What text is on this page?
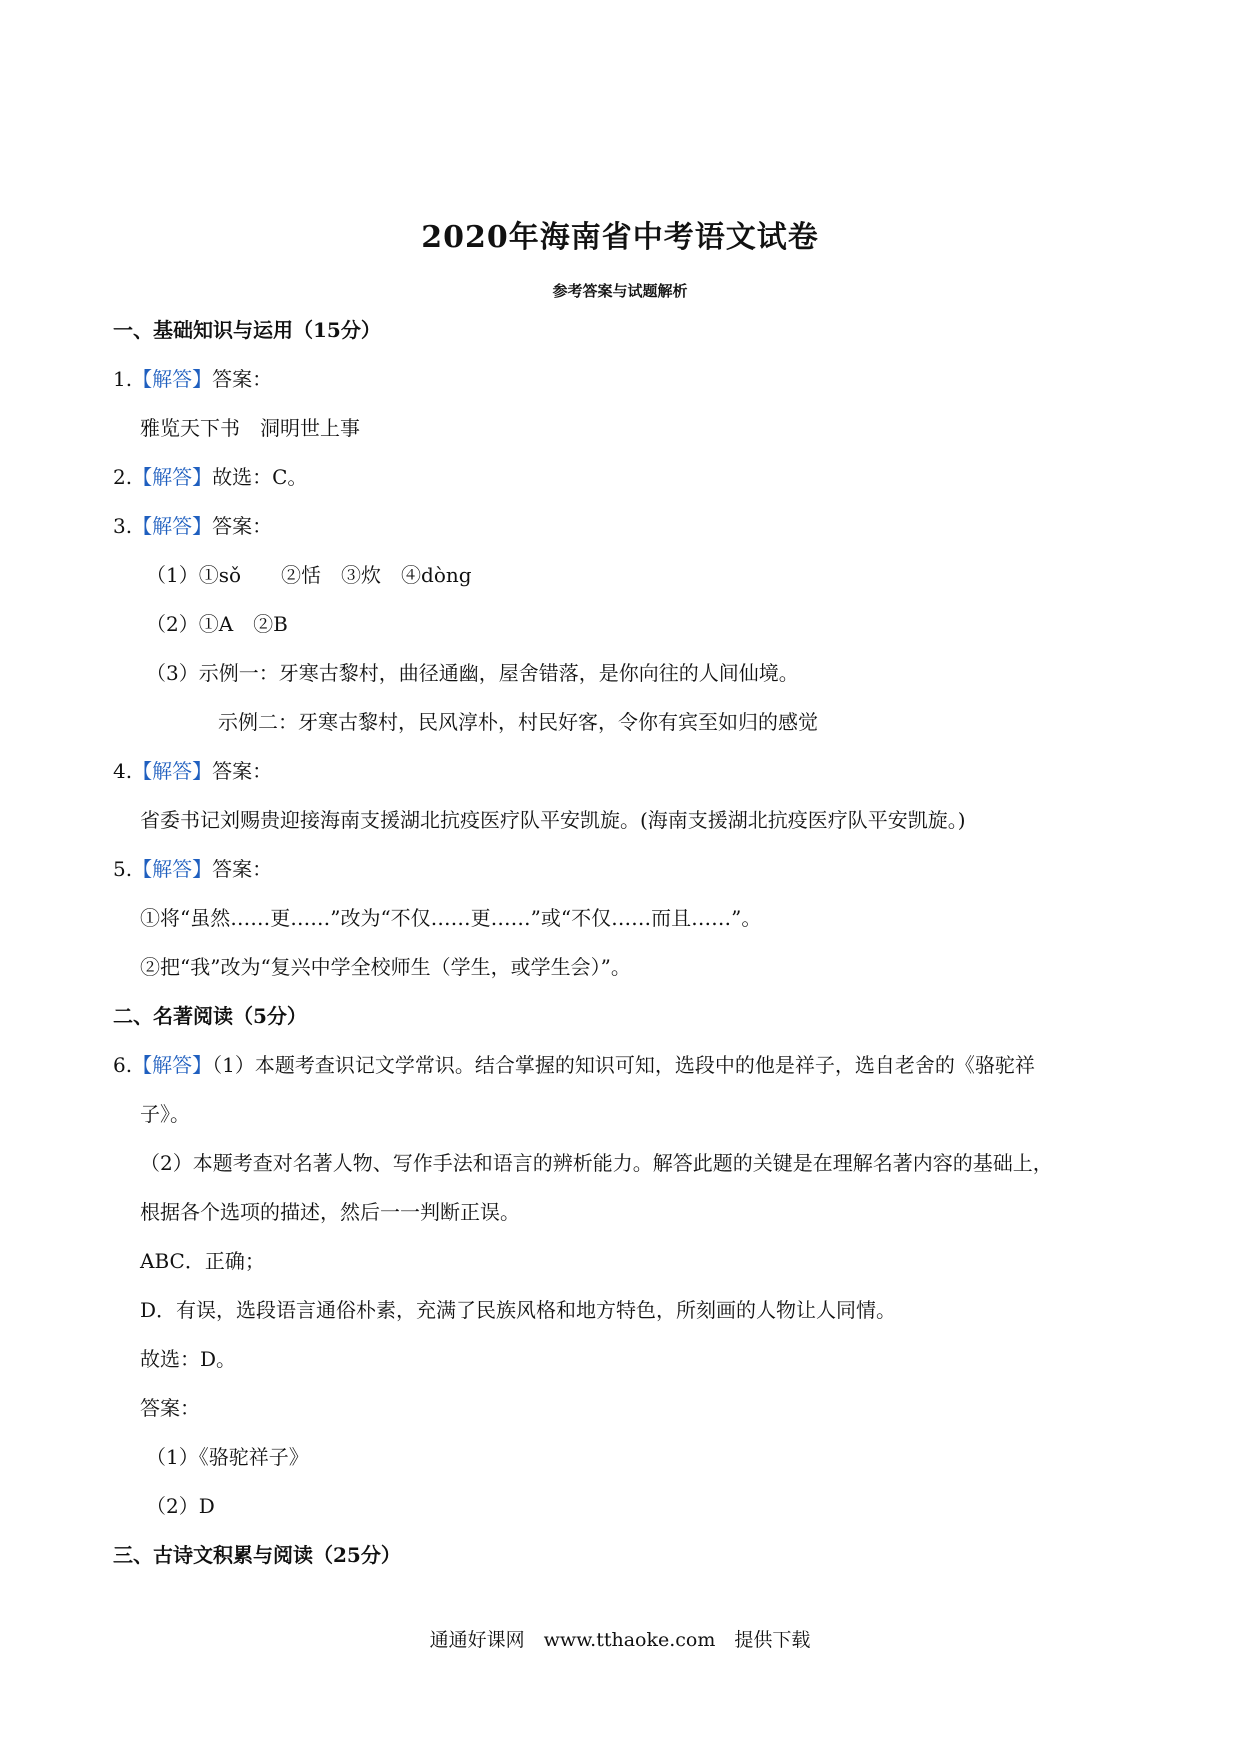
2020年海南省中考语文试卷
参考答案与试题解析
一、基础知识与运用（15分）
1.【解答】答案：
雅览天下书　洞明世上事
2.【解答】故选：C。
3.【解答】答案：
（1）①sǒ　　②恬　③炊　④dòng
（2）①A　②B
（3）示例一：牙寒古黎村，曲径通幽，屋舍错落，是你向往的人间仙境。
示例二：牙寒古黎村，民风淳朴，村民好客，令你有宾至如归的感觉
4.【解答】答案：
省委书记刘赐贵迎接海南支援湖北抗疫医疗队平安凯旋。(海南支援湖北抗疫医疗队平安凯旋。)
5.【解答】答案：
①将“虽然……更……”改为“不仅……更……”或“不仅……而且……”。
②把“我”改为“复兴中学全校师生（学生，或学生会）”。
二、名著阅读（5分）
6.【解答】（1）本题考查识记文学常识。结合掌握的知识可知，选段中的他是祥子，选自老舍的《骆驼祥
子》。
（2）本题考查对名著人物、写作手法和语言的辨析能力。解答此题的关键是在理解名著内容的基础上，
根据各个选项的描述，然后一一判断正误。
ABC．正确；
D．有误，选段语言通俗朴素，充满了民族风格和地方特色，所刻画的人物让人同情。
故选：D。
答案：
（1）《骆驼祥子》
（2）D
三、古诗文积累与阅读（25分）
通通好课网　www.tthaoke.com　提供下载
